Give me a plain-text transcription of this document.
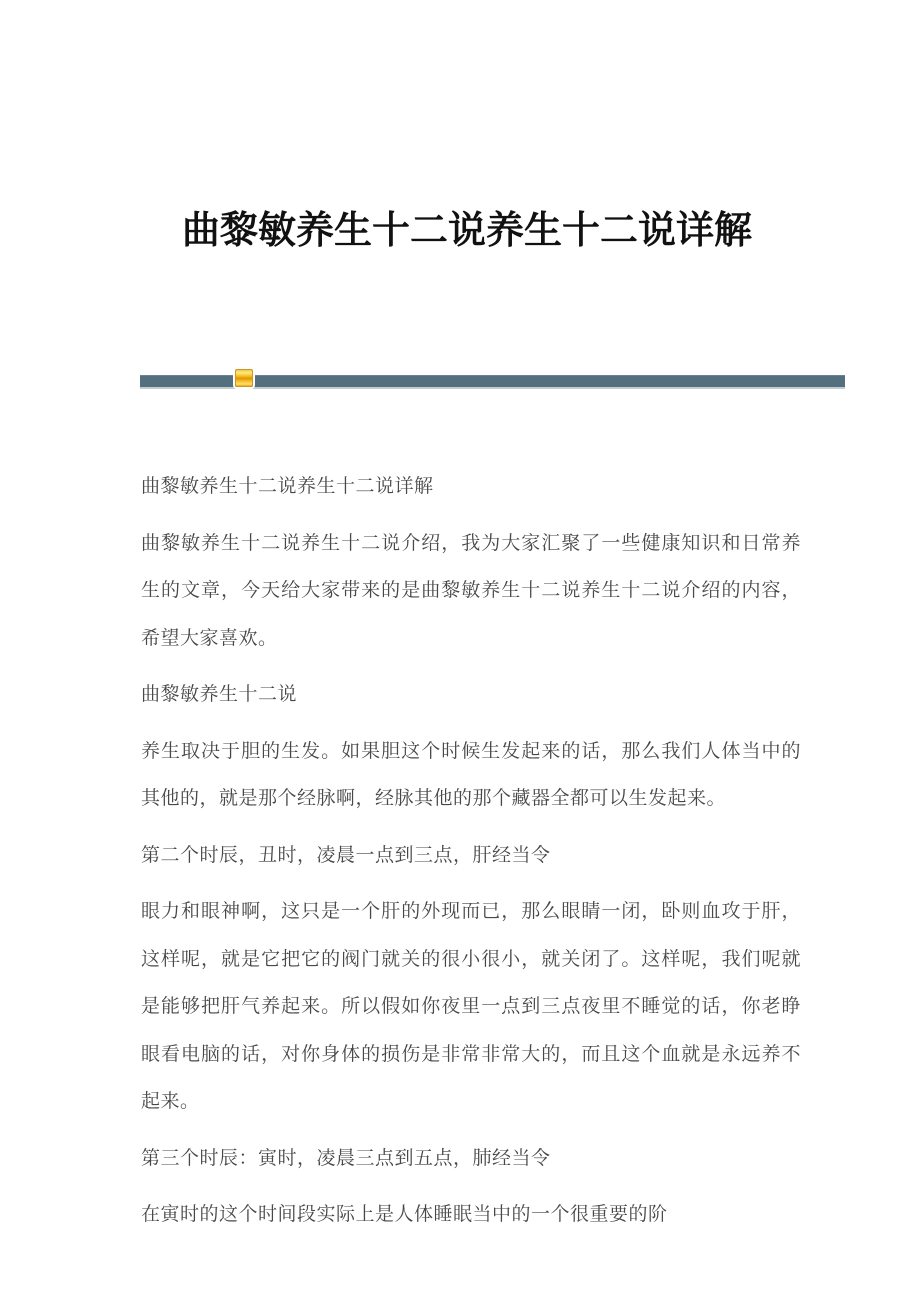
曲黎敏养生十二说养生十二说详解

曲黎敏养生十二说养生十二说详解

曲黎敏养生十二说养生十二说介绍，我为大家汇聚了一些健康知识和日常养生的文章，今天给大家带来的是曲黎敏养生十二说养生十二说介绍的内容，希望大家喜欢。

曲黎敏养生十二说

养生取决于胆的生发。如果胆这个时候生发起来的话，那么我们人体当中的其他的，就是那个经脉啊，经脉其他的那个藏器全都可以生发起来。

第二个时辰，丑时，凌晨一点到三点，肝经当令

眼力和眼神啊，这只是一个肝的外现而已，那么眼睛一闭，卧则血攻于肝，这样呢，就是它把它的阀门就关的很小很小，就关闭了。这样呢，我们呢就是能够把肝气养起来。所以假如你夜里一点到三点夜里不睡觉的话，你老睁眼看电脑的话，对你身体的损伤是非常非常大的，而且这个血就是永远养不起来。

第三个时辰：寅时，凌晨三点到五点，肺经当令

在寅时的这个时间段实际上是人体睡眠当中的一个很重要的阶
